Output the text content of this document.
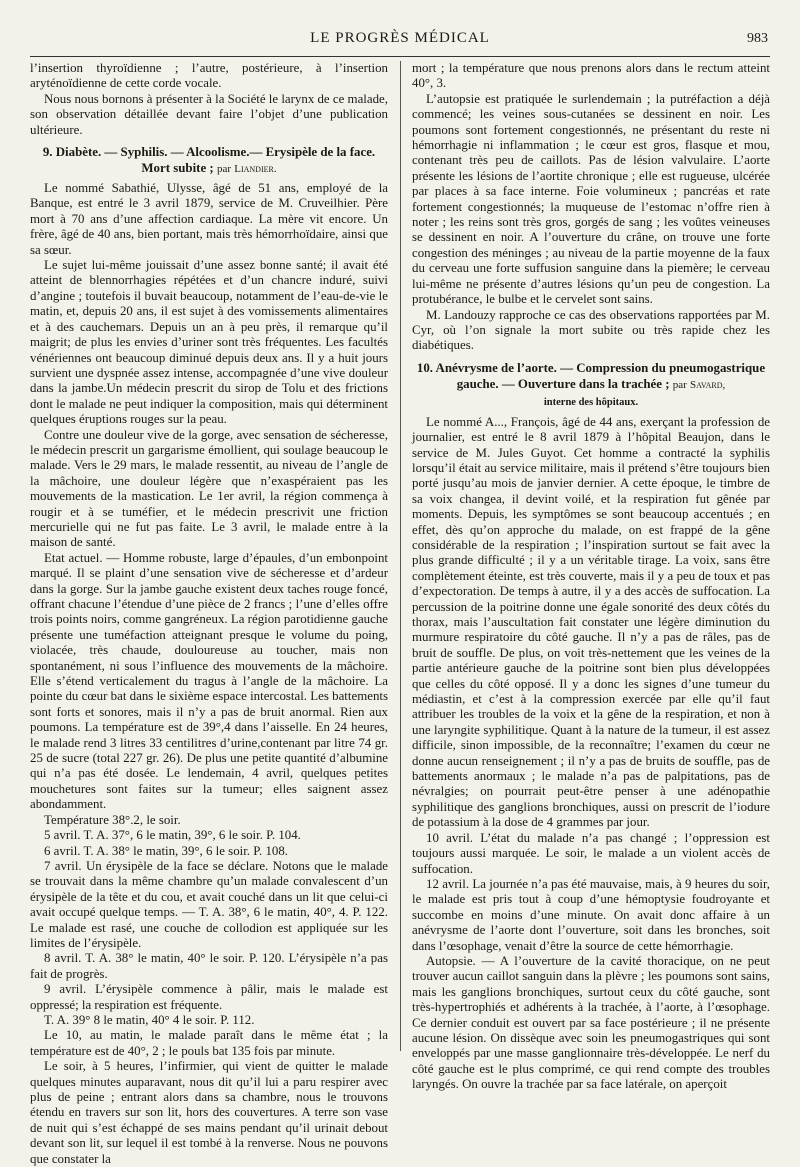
LE PROGRÈS MÉDICAL	983

l’insertion thyroïdienne ; l’autre, postérieure, à l’insertion aryténoïdienne de cette corde vocale.

Nous nous bornons à présenter à la Société le larynx de ce malade, son observation détaillée devant faire l’objet d’une publication ultérieure.

9. Diabète. — Syphilis. — Alcoolisme.— Erysipèle de la face. Mort subite ; par Liandier.

Le nommé Sabathié, Ulysse, âgé de 51 ans, employé de la Banque, est entré le 3 avril 1879, service de M. Cruveilhier. Père mort à 70 ans d’une affection cardiaque. La mère vit encore. Un frère, âgé de 40 ans, bien portant, mais très hémorrhoïdaire, ainsi que sa sœur.

Le sujet lui-même jouissait d’une assez bonne santé; il avait été atteint de blennorrhagies répétées et d’un chancre induré, suivi d’angine ; toutefois il buvait beaucoup, notamment de l’eau-de-vie le matin, et, depuis 20 ans, il est sujet à des vomissements alimentaires et à des cauchemars. Depuis un an à peu près, il remarque qu’il maigrit; de plus les envies d’uriner sont très fréquentes. Les facultés vénériennes ont beaucoup diminué depuis deux ans. Il y a huit jours survient une dyspnée assez intense, accompagnée d’une vive douleur dans la jambe.Un médecin prescrit du sirop de Tolu et des frictions dont le malade ne peut indiquer la composition, mais qui déterminent quelques éruptions rouges sur la peau.

Contre une douleur vive de la gorge, avec sensation de sécheresse, le médecin prescrit un gargarisme émollient, qui soulage beaucoup le malade. Vers le 29 mars, le malade ressentit, au niveau de l’angle de la mâchoire, une douleur légère que n’exaspéraient pas les mouvements de la mastication. Le 1er avril, la région commença à rougir et à se tuméfier, et le médecin prescrivit une friction mercurielle qui ne fut pas faite. Le 3 avril, le malade entre à la maison de santé.

Etat actuel. — Homme robuste, large d’épaules, d’un embonpoint marqué. Il se plaint d’une sensation vive de sécheresse et d’ardeur dans la gorge. Sur la jambe gauche existent deux taches rouge foncé, offrant chacune l’étendue d’une pièce de 2 francs ; l’une d’elles offre trois points noirs, comme gangréneux. La région parotidienne gauche présente une tuméfaction atteignant presque le volume du poing, violacée, très chaude, douloureuse au toucher, mais non spontanément, ni sous l’influence des mouvements de la mâchoire. Elle s’étend verticalement du tragus à l’angle de la mâchoire. La pointe du cœur bat dans le sixième espace intercostal. Les battements sont forts et sonores, mais il n’y a pas de bruit anormal. Rien aux poumons. La température est de 39°,4 dans l’aisselle. En 24 heures, le malade rend 3 litres 33 centilitres d’urine,contenant par litre 74 gr. 25 de sucre (total 227 gr. 26). De plus une petite quantité d’albumine qui n’a pas été dosée. Le lendemain, 4 avril, quelques petites mouchetures sont faites sur la tumeur; elles saignent assez abondamment.

Température 38°.2, le soir.

5 avril. T. A. 37°, 6 le matin, 39°, 6 le soir. P. 104.

6 avril. T. A. 38° le matin, 39°, 6 le soir. P. 108.

7 avril. Un érysipèle de la face se déclare. Notons que le malade se trouvait dans la même chambre qu’un malade convalescent d’un érysipèle de la tête et du cou, et avait couché dans un lit que celui-ci avait occupé quelque temps. — T. A. 38°, 6 le matin, 40°, 4. P. 122. Le malade est rasé, une couche de collodion est appliquée sur les limites de l’érysipèle.

8 avril. T. A. 38° le matin, 40° le soir. P. 120. L’érysipèle n’a pas fait de progrès.

9 avril. L’érysipèle commence à pâlir, mais le malade est oppressé; la respiration est fréquente.

T. A. 39° 8 le matin, 40° 4 le soir. P. 112.

Le 10, au matin, le malade paraît dans le même état ; la température est de 40°, 2 ; le pouls bat 135 fois par minute.

Le soir, à 5 heures, l’infirmier, qui vient de quitter le malade quelques minutes auparavant, nous dit qu’il lui a paru respirer avec plus de peine ; entrant alors dans sa chambre, nous le trouvons étendu en travers sur son lit, hors des couvertures. A terre son vase de nuit qui s’est échappé de ses mains pendant qu’il urinait debout devant son lit, sur lequel il est tombé à la renverse. Nous ne pouvons que constater la

mort ; la température que nous prenons alors dans le rectum atteint 40°, 3.

L’autopsie est pratiquée le surlendemain ; la putréfaction a déjà commencé; les veines sous-cutanées se dessinent en noir. Les poumons sont fortement congestionnés, ne présentant du reste ni hémorrhagie ni inflammation ; le cœur est gros, flasque et mou, contenant très peu de caillots. Pas de lésion valvulaire. L’aorte présente les lésions de l’aortite chronique ; elle est rugueuse, ulcérée par places à sa face interne. Foie volumineux ; pancréas et rate fortement congestionnés; la muqueuse de l’estomac n’offre rien à noter ; les reins sont très gros, gorgés de sang ; les voûtes veineuses se dessinent en noir. A l’ouverture du crâne, on trouve une forte congestion des méninges ; au niveau de la partie moyenne de la faux du cerveau une forte suffusion sanguine dans la piemère; le cerveau lui-même ne présente d’autres lésions qu’un peu de congestion. La protubérance, le bulbe et le cervelet sont sains.

M. Landouzy rapproche ce cas des observations rapportées par M. Cyr, où l’on signale la mort subite ou très rapide chez les diabétiques.

10. Anévrysme de l’aorte. — Compression du pneumogastrique gauche. — Ouverture dans la trachée ; par Savard,
interne des hôpitaux.

Le nommé A..., François, âgé de 44 ans, exerçant la profession de journalier, est entré le 8 avril 1879 à l’hôpital Beaujon, dans le service de M. Jules Guyot. Cet homme a contracté la syphilis lorsqu’il était au service militaire, mais il prétend s’être toujours bien porté jusqu’au mois de janvier dernier. A cette époque, le timbre de sa voix changea, il devint voilé, et la respiration fut gênée par moments. Depuis, les symptômes se sont beaucoup accentués ; en effet, dès qu’on approche du malade, on est frappé de la gêne considérable de la respiration ; l’inspiration surtout se fait avec la plus grande difficulté ; il y a un véritable tirage. La voix, sans être complètement éteinte, est très couverte, mais il y a peu de toux et pas d’expectoration. De temps à autre, il y a des accès de suffocation. La percussion de la poitrine donne une égale sonorité des deux côtés du thorax, mais l’auscultation fait constater une légère diminution du murmure respiratoire du côté gauche. Il n’y a pas de râles, pas de bruit de souffle. De plus, on voit très-nettement que les veines de la partie antérieure gauche de la poitrine sont bien plus développées que celles du côté opposé. Il y a donc les signes d’une tumeur du médiastin, et c’est à la compression exercée par elle qu’il faut attribuer les troubles de la voix et la gêne de la respiration, et non à une laryngite syphilitique. Quant à la nature de la tumeur, il est assez difficile, sinon impossible, de la reconnaître; l’examen du cœur ne donne aucun renseignement ; il n’y a pas de bruits de souffle, pas de battements anormaux ; le malade n’a pas de palpitations, pas de névralgies; on pourrait peut-être penser à une adénopathie syphilitique des ganglions bronchiques, aussi on prescrit de l’iodure de potassium à la dose de 4 grammes par jour.

10 avril. L’état du malade n’a pas changé ; l’oppression est toujours aussi marquée. Le soir, le malade a un violent accès de suffocation.

12 avril. La journée n’a pas été mauvaise, mais, à 9 heures du soir, le malade est pris tout à coup d’une hémoptysie foudroyante et succombe en moins d’une minute. On avait donc affaire à un anévrysme de l’aorte dont l’ouverture, soit dans les bronches, soit dans l’œsophage, venait d’être la source de cette hémorrhagie.

Autopsie. — A l’ouverture de la cavité thoracique, on ne peut trouver aucun caillot sanguin dans la plèvre ; les poumons sont sains, mais les ganglions bronchiques, surtout ceux du côté gauche, sont très-hypertrophiés et adhérents à la trachée, à l’aorte, à l’œsophage. Ce dernier conduit est ouvert par sa face postérieure ; il ne présente aucune lésion. On dissèque avec soin les pneumogastriques qui sont enveloppés par une masse ganglionnaire très-développée. Le nerf du côté gauche est le plus comprimé, ce qui rend compte des troubles laryngés. On ouvre la trachée par sa face latérale, on aperçoit
